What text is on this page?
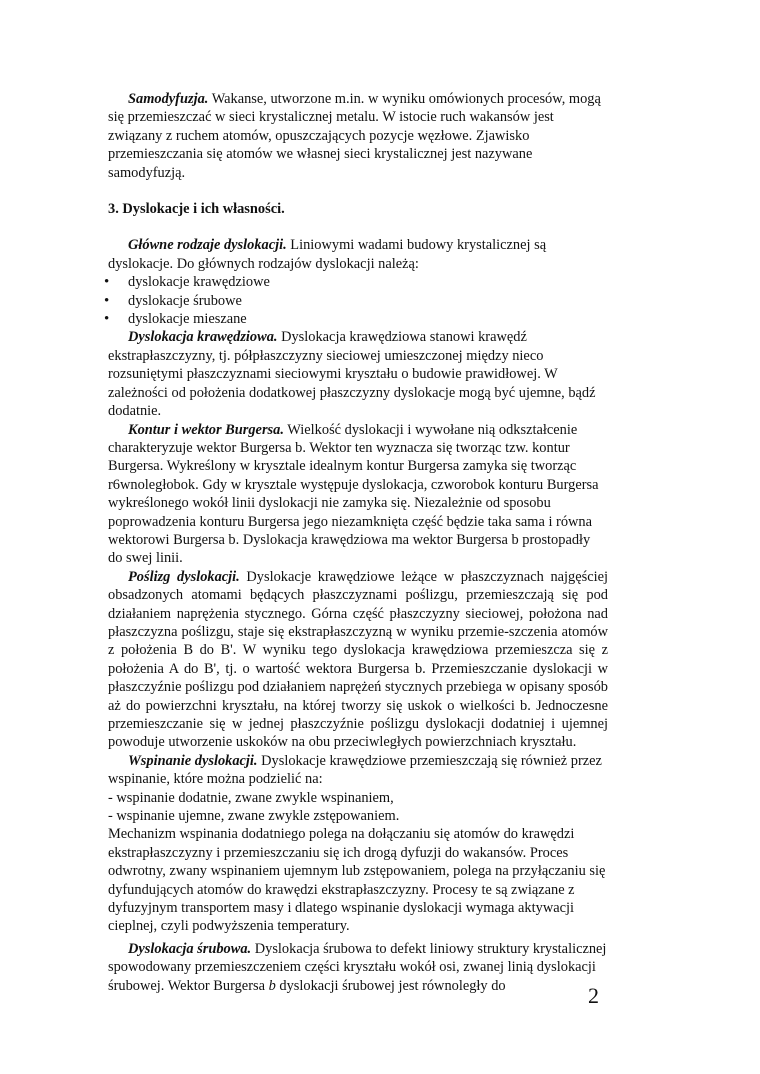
Samodyfuzja. Wakanse, utworzone m.in. w wyniku omówionych procesów, mogą się przemieszczać w sieci krystalicznej metalu. W istocie ruch wakansów jest związany z ruchem atomów, opuszczających pozycje węzłowe. Zjawisko przemieszczania się atomów we własnej sieci krystalicznej jest nazywane samodyfuzją.

3. Dyslokacje i ich własności.

Główne rodzaje dyslokacji. Liniowymi wadami budowy krystalicznej są dyslokacje. Do głównych rodzajów dyslokacji należą:

• dyslokacje krawędziowe
• dyslokacje śrubowe
• dyslokacje mieszane

Dyslokacja krawędziowa. Dyslokacja krawędziowa stanowi krawędź ekstrapłaszczyzny, tj. półpłaszczyzny sieciowej umieszczonej między nieco rozsuniętymi płaszczyznami sieciowymi kryształu o budowie prawidłowej. W zależności od położenia dodatkowej płaszczyzny dyslokacje mogą być ujemne, bądź dodatnie.

Kontur i wektor Burgersa. Wielkość dyslokacji i wywołane nią odkształcenie charakteryzuje wektor Burgersa b. Wektor ten wyznacza się tworząc tzw. kontur Burgersa. Wykreślony w krysztale idealnym kontur Burgersa zamyka się tworząc r6wnoległobok. Gdy w krysztale występuje dyslokacja, czworobok konturu Burgersa wykreślonego wokół linii dyslokacji nie zamyka się. Niezależnie od sposobu poprowadzenia konturu Burgersa jego niezamknięta część będzie taka sama i równa wektorowi Burgersa b. Dyslokacja krawędziowa ma wektor Burgersa b prostopadły do swej linii.

Poślizg dyslokacji. Dyslokacje krawędziowe leżące w płaszczyznach najgęściej obsadzonych atomami będących płaszczyznami poślizgu, przemieszczają się pod działaniem naprężenia stycznego. Górna część płaszczyzny sieciowej, położona nad płaszczyzna poślizgu, staje się ekstrapłaszczyzną w wyniku przemie-szczenia atomów z położenia B do B'. W wyniku tego dyslokacja krawędziowa przemieszcza się z położenia A do B', tj. o wartość wektora Burgersa b. Przemieszczanie dyslokacji w płaszczyźnie poślizgu pod działaniem naprężeń stycznych przebiega w opisany sposób aż do powierzchni kryształu, na której tworzy się uskok o wielkości b. Jednoczesne przemieszczanie się w jednej płaszczyźnie poślizgu dyslokacji dodatniej i ujemnej powoduje utworzenie uskoków na obu przeciwległych powierzchniach kryształu.

Wspinanie dyslokacji. Dyslokacje krawędziowe przemieszczają się również przez wspinanie, które można podzielić na:

- wspinanie dodatnie, zwane zwykle wspinaniem,

- wspinanie ujemne, zwane zwykle zstępowaniem.

Mechanizm wspinania dodatniego polega na dołączaniu się atomów do krawędzi ekstrapłaszczyzny i przemieszczaniu się ich drogą dyfuzji do wakansów. Proces odwrotny, zwany wspinaniem ujemnym lub zstępowaniem, polega na przyłączaniu się dyfundujących atomów do krawędzi ekstrapłaszczyzny. Procesy te są związane z dyfuzyjnym transportem masy i dlatego wspinanie dyslokacji wymaga aktywacji cieplnej, czyli podwyższenia temperatury.

Dyslokacja śrubowa. Dyslokacja śrubowa to defekt liniowy struktury krystalicznej spowodowany przemieszczeniem części kryształu wokół osi, zwanej linią dyslokacji śrubowej. Wektor Burgersa b dyslokacji śrubowej jest równoległy do	2
